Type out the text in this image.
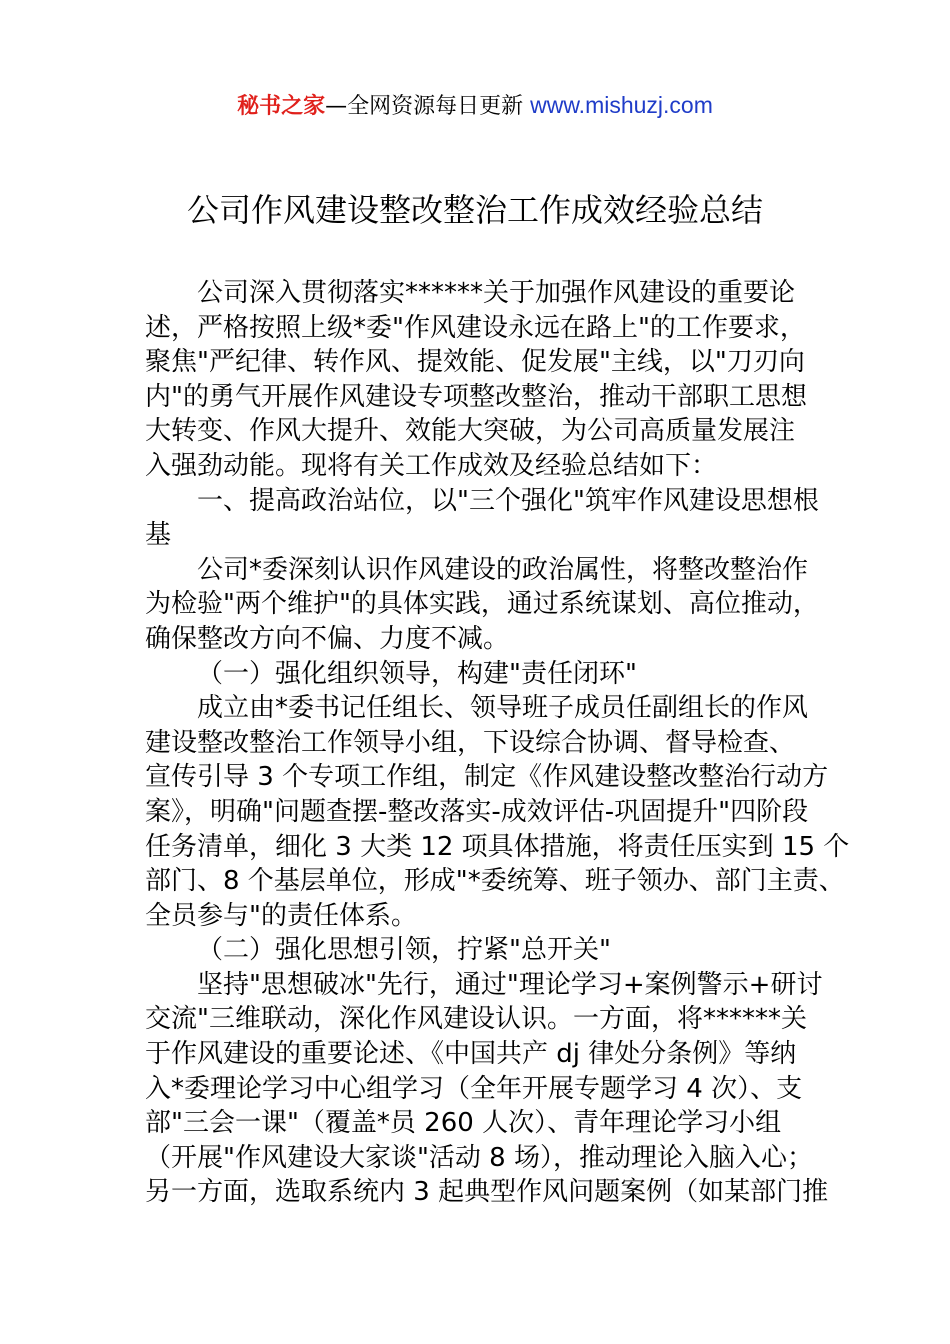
秘书之家—全网资源每日更新 www.mishuzj.com
公司作风建设整改整治工作成效经验总结
公司深入贯彻落实******关于加强作风建设的重要论
述，严格按照上级*委"作风建设永远在路上"的工作要求，
聚焦"严纪律、转作风、提效能、促发展"主线，以"刀刃向
内"的勇气开展作风建设专项整改整治，推动干部职工思想
大转变、作风大提升、效能大突破，为公司高质量发展注
入强劲动能。现将有关工作成效及经验总结如下：
一、提高政治站位，以"三个强化"筑牢作风建设思想根
基
公司*委深刻认识作风建设的政治属性，将整改整治作
为检验"两个维护"的具体实践，通过系统谋划、高位推动，
确保整改方向不偏、力度不减。
（一）强化组织领导，构建"责任闭环"
成立由*委书记任组长、领导班子成员任副组长的作风
建设整改整治工作领导小组，下设综合协调、督导检查、
宣传引导 3 个专项工作组，制定《作风建设整改整治行动方
案》，明确"问题查摆-整改落实-成效评估-巩固提升"四阶段
任务清单，细化 3 大类 12 项具体措施，将责任压实到 15 个
部门、8 个基层单位，形成"*委统筹、班子领办、部门主责、
全员参与"的责任体系。
（二）强化思想引领，拧紧"总开关"
坚持"思想破冰"先行，通过"理论学习+案例警示+研讨
交流"三维联动，深化作风建设认识。一方面，将******关
于作风建设的重要论述、《中国共产 dj 律处分条例》等纳
入*委理论学习中心组学习（全年开展专题学习 4 次）、支
部"三会一课"（覆盖*员 260 人次）、青年理论学习小组
（开展"作风建设大家谈"活动 8 场），推动理论入脑入心；
另一方面，选取系统内 3 起典型作风问题案例（如某部门推
